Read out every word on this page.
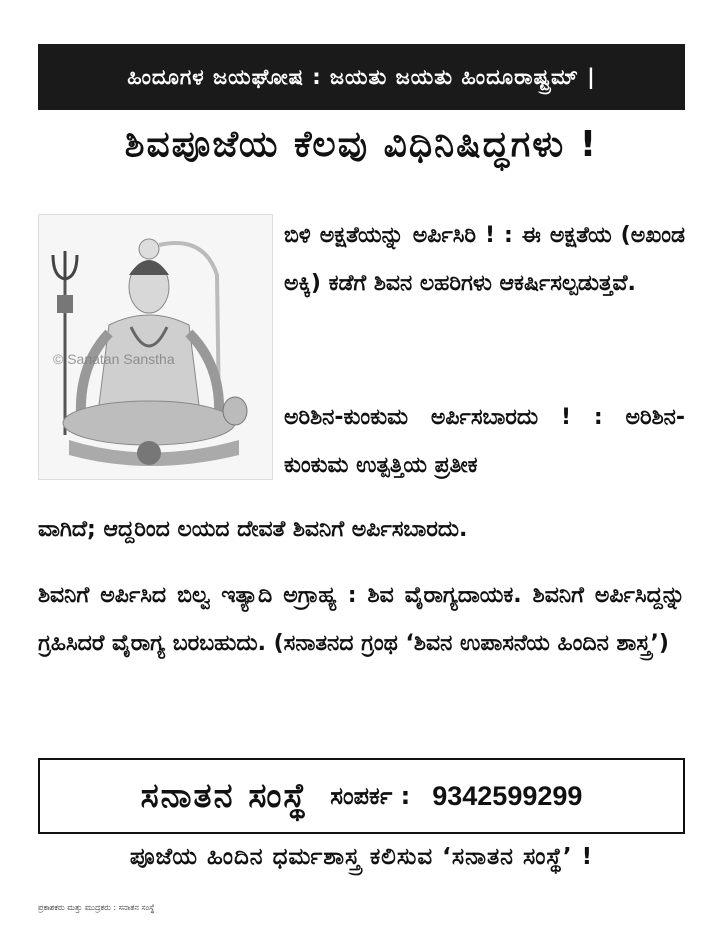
ಹಿಂದೂಗಳ ಜಯಘೋಷ : ಜಯತು ಜಯತು ಹಿಂದೂರಾಷ್ಟ್ರಮ್ |
ಶಿವಪೂಜೆಯ ಕೆಲವು ವಿಧಿನಿಷಿದ್ಧಗಳು !
© Sanatan Sanstha
ಬಿಳಿ ಅಕ್ಷತೆಯನ್ನು ಅರ್ಪಿಸಿರಿ ! : ಈ ಅಕ್ಷತೆಯ (ಅಖಂಡ ಅಕ್ಕಿ) ಕಡೆಗೆ ಶಿವನ ಲಹರಿಗಳು ಆಕರ್ಷಿಸಲ್ಪಡುತ್ತವೆ.
ಅರಿಶಿನ-ಕುಂಕುಮ ಅರ್ಪಿಸಬಾರದು ! : ಅರಿಶಿನ-ಕುಂಕುಮ ಉತ್ಪತ್ತಿಯ ಪ್ರತೀಕ
ವಾಗಿದೆ; ಆದ್ದರಿಂದ ಲಯದ ದೇವತೆ ಶಿವನಿಗೆ ಅರ್ಪಿಸಬಾರದು.
ಶಿವನಿಗೆ ಅರ್ಪಿಸಿದ ಬಿಲ್ವ ಇತ್ಯಾದಿ ಅಗ್ರಾಹ್ಯ : ಶಿವ ವೈರಾಗ್ಯದಾಯಕ. ಶಿವನಿಗೆ ಅರ್ಪಿಸಿದ್ದನ್ನು ಗ್ರಹಿಸಿದರೆ ವೈರಾಗ್ಯ ಬರಬಹುದು. (ಸನಾತನದ ಗ್ರಂಥ ‘ಶಿವನ ಉಪಾಸನೆಯ ಹಿಂದಿನ ಶಾಸ್ತ್ರ’)
ಸನಾತನ ಸಂಸ್ಥೆ ಸಂಪರ್ಕ : 9342599299
ಪೂಜೆಯ ಹಿಂದಿನ ಧರ್ಮಶಾಸ್ತ್ರ ಕಲಿಸುವ ‘ಸನಾತನ ಸಂಸ್ಥೆ’ !
ಪ್ರಕಾಶಕರು ಮತ್ತು ಮುದ್ರಕರು : ಸನಾತನ ಸಂಸ್ಥೆ
